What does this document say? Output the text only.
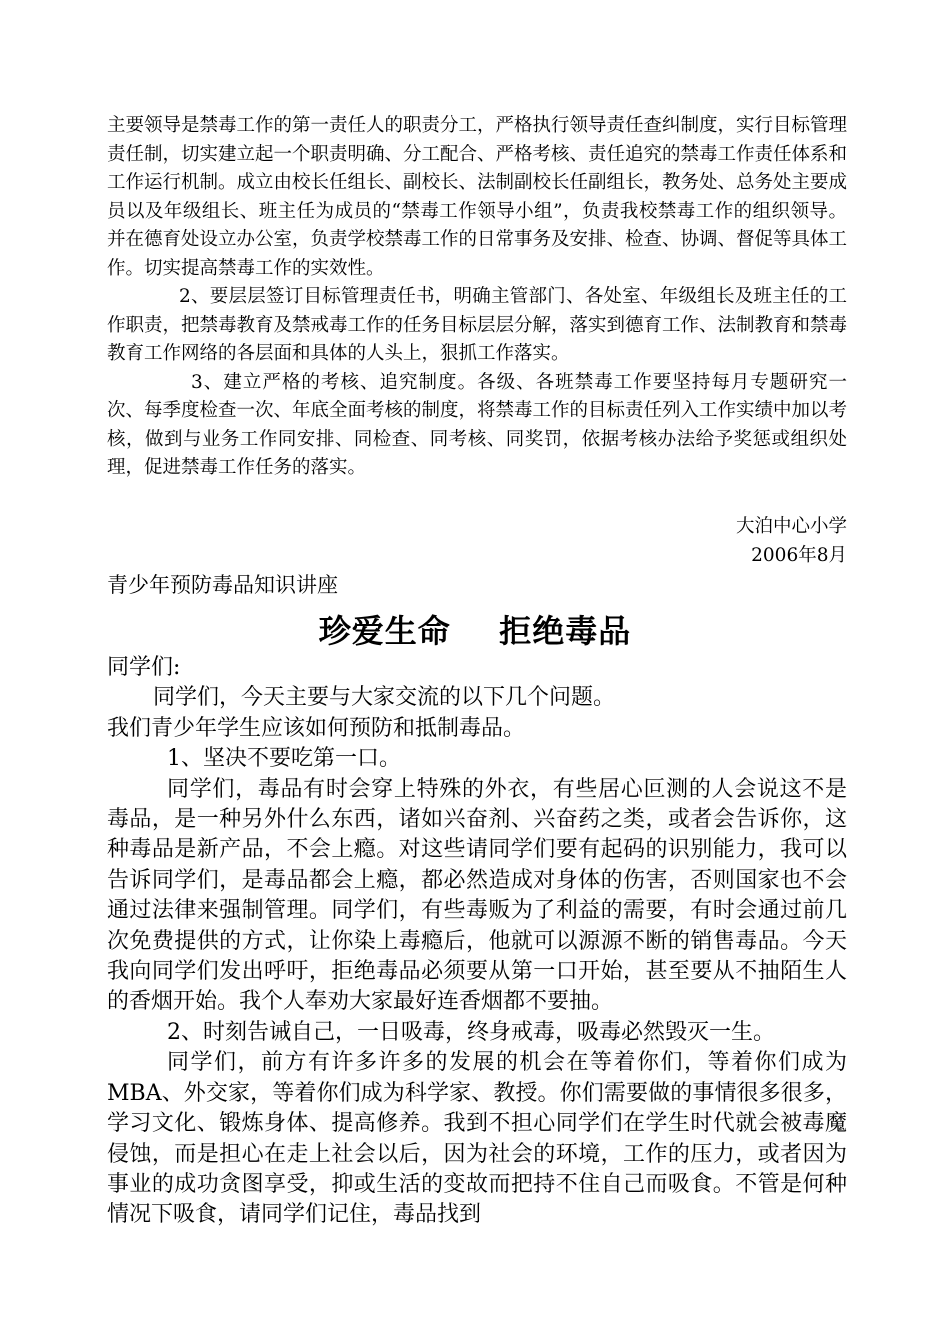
主要领导是禁毒工作的第一责任人的职责分工，严格执行领导责任查纠制度，实行目标管理责任制，切实建立起一个职责明确、分工配合、严格考核、责任追究的禁毒工作责任体系和工作运行机制。成立由校长任组长、副校长、法制副校长任副组长，教务处、总务处主要成员以及年级组长、班主任为成员的“禁毒工作领导小组”，负责我校禁毒工作的组织领导。并在德育处设立办公室，负责学校禁毒工作的日常事务及安排、检查、协调、督促等具体工作。切实提高禁毒工作的实效性。

2、要层层签订目标管理责任书，明确主管部门、各处室、年级组长及班主任的工作职责，把禁毒教育及禁戒毒工作的任务目标层层分解，落实到德育工作、法制教育和禁毒教育工作网络的各层面和具体的人头上，狠抓工作落实。

3、建立严格的考核、追究制度。各级、各班禁毒工作要坚持每月专题研究一次、每季度检查一次、年底全面考核的制度，将禁毒工作的目标责任列入工作实绩中加以考核，做到与业务工作同安排、同检查、同考核、同奖罚，依据考核办法给予奖惩或组织处理，促进禁毒工作任务的落实。

大泊中心小学
2006年8月
青少年预防毒品知识讲座
珍爱生命    拒绝毒品

同学们:

同学们，今天主要与大家交流的以下几个问题。

我们青少年学生应该如何预防和抵制毒品。

1、坚决不要吃第一口。

同学们，毒品有时会穿上特殊的外衣，有些居心叵测的人会说这不是毒品，是一种另外什么东西，诸如兴奋剂、兴奋药之类，或者会告诉你，这种毒品是新产品，不会上瘾。对这些请同学们要有起码的识别能力，我可以告诉同学们，是毒品都会上瘾，都必然造成对身体的伤害，否则国家也不会通过法律来强制管理。同学们，有些毒贩为了利益的需要，有时会通过前几次免费提供的方式，让你染上毒瘾后，他就可以源源不断的销售毒品。今天我向同学们发出呼吁，拒绝毒品必须要从第一口开始，甚至要从不抽陌生人的香烟开始。我个人奉劝大家最好连香烟都不要抽。

2、时刻告诫自己，一日吸毒，终身戒毒，吸毒必然毁灭一生。

同学们，前方有许多许多的发展的机会在等着你们，等着你们成为MBA、外交家，等着你们成为科学家、教授。你们需要做的事情很多很多，学习文化、锻炼身体、提高修养。我到不担心同学们在学生时代就会被毒魔侵蚀，而是担心在走上社会以后，因为社会的环境，工作的压力，或者因为事业的成功贪图享受，抑或生活的变故而把持不住自己而吸食。不管是何种情况下吸食，请同学们记住，毒品找到
